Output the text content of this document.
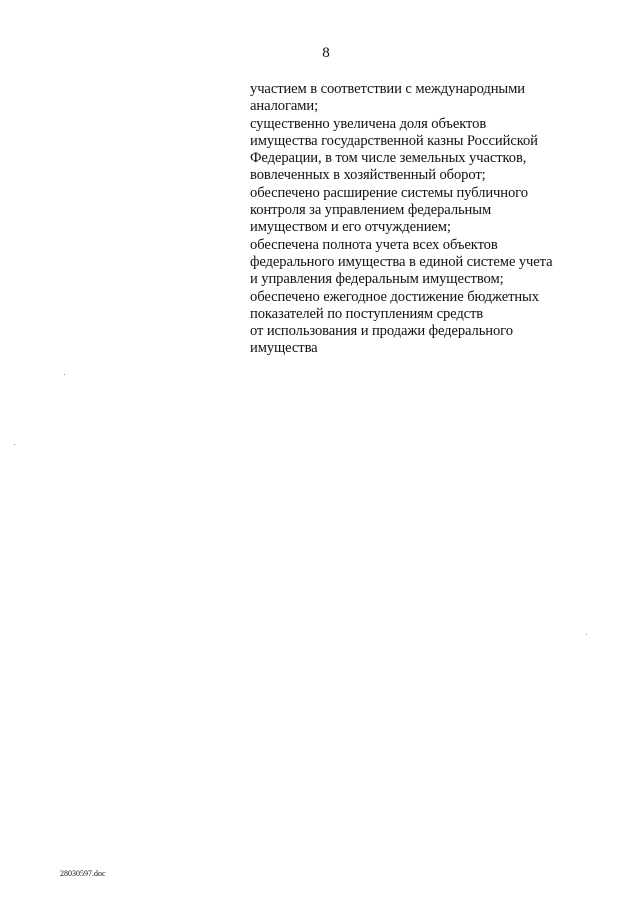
8
участием в соответствии с международными
аналогами;
существенно увеличена доля объектов
имущества государственной казны Российской
Федерации, в том числе земельных участков,
вовлеченных в хозяйственный оборот;
обеспечено расширение системы публичного
контроля за управлением федеральным
имуществом и его отчуждением;
обеспечена полнота учета всех объектов
федерального имущества в единой системе учета
и управления федеральным имуществом;
обеспечено ежегодное достижение бюджетных
показателей по поступлениям средств
от использования и продажи федерального
имущества
28030597.doc
